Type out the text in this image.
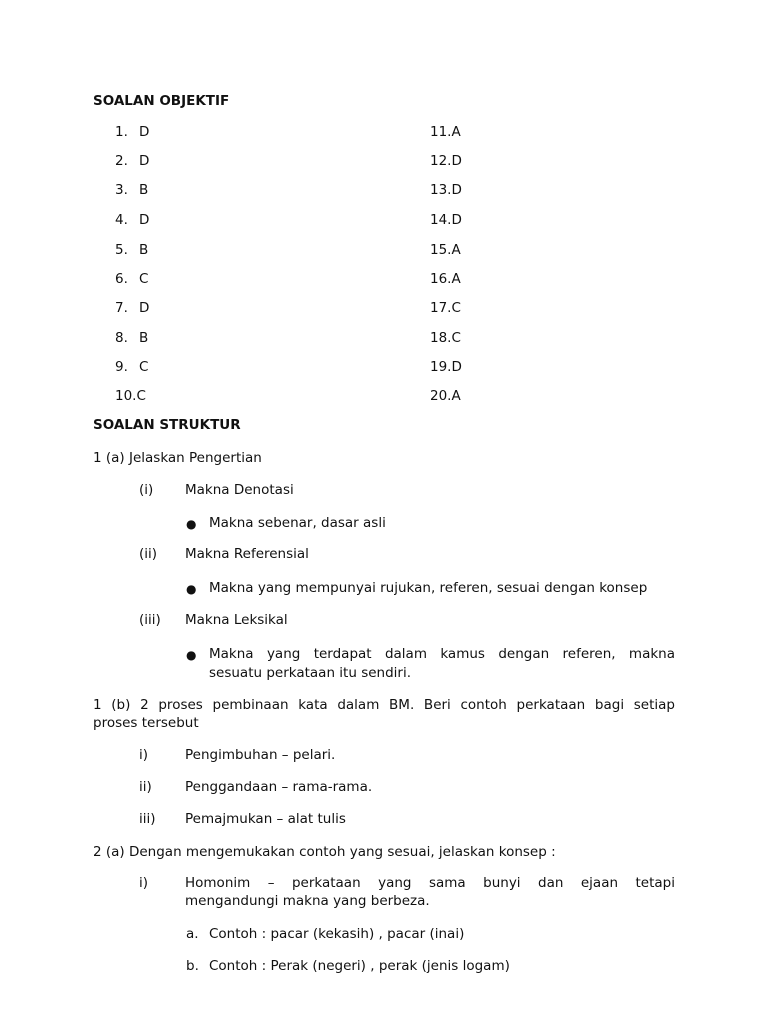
SOALAN OBJEKTIF
1. D
2. D
3. B
4. D
5. B
6. C
7. D
8. B
9. C
10.C
11.A
12.D
13.D
14.D
15.A
16.A
17.C
18.C
19.D
20.A
SOALAN STRUKTUR
1 (a) Jelaskan Pengertian
(i) Makna Denotasi
● Makna sebenar, dasar asli
(ii) Makna Referensial
● Makna yang mempunyai rujukan, referen, sesuai dengan konsep
(iii) Makna Leksikal
● Makna yang terdapat dalam kamus dengan referen, makna
sesuatu perkataan itu sendiri.
1 (b) 2 proses pembinaan kata dalam BM. Beri contoh perkataan bagi setiap
proses tersebut
i)	Pengimbuhan – pelari.
ii) Penggandaan – rama-rama.
iii) Pemajmukan – alat tulis
2 (a) Dengan mengemukakan contoh yang sesuai, jelaskan konsep :
i)	Homonim – perkataan yang sama bunyi dan ejaan tetapi
mengandungi makna yang berbeza.
a. Contoh : pacar (kekasih) , pacar (inai)
b. Contoh : Perak (negeri) , perak (jenis logam)
